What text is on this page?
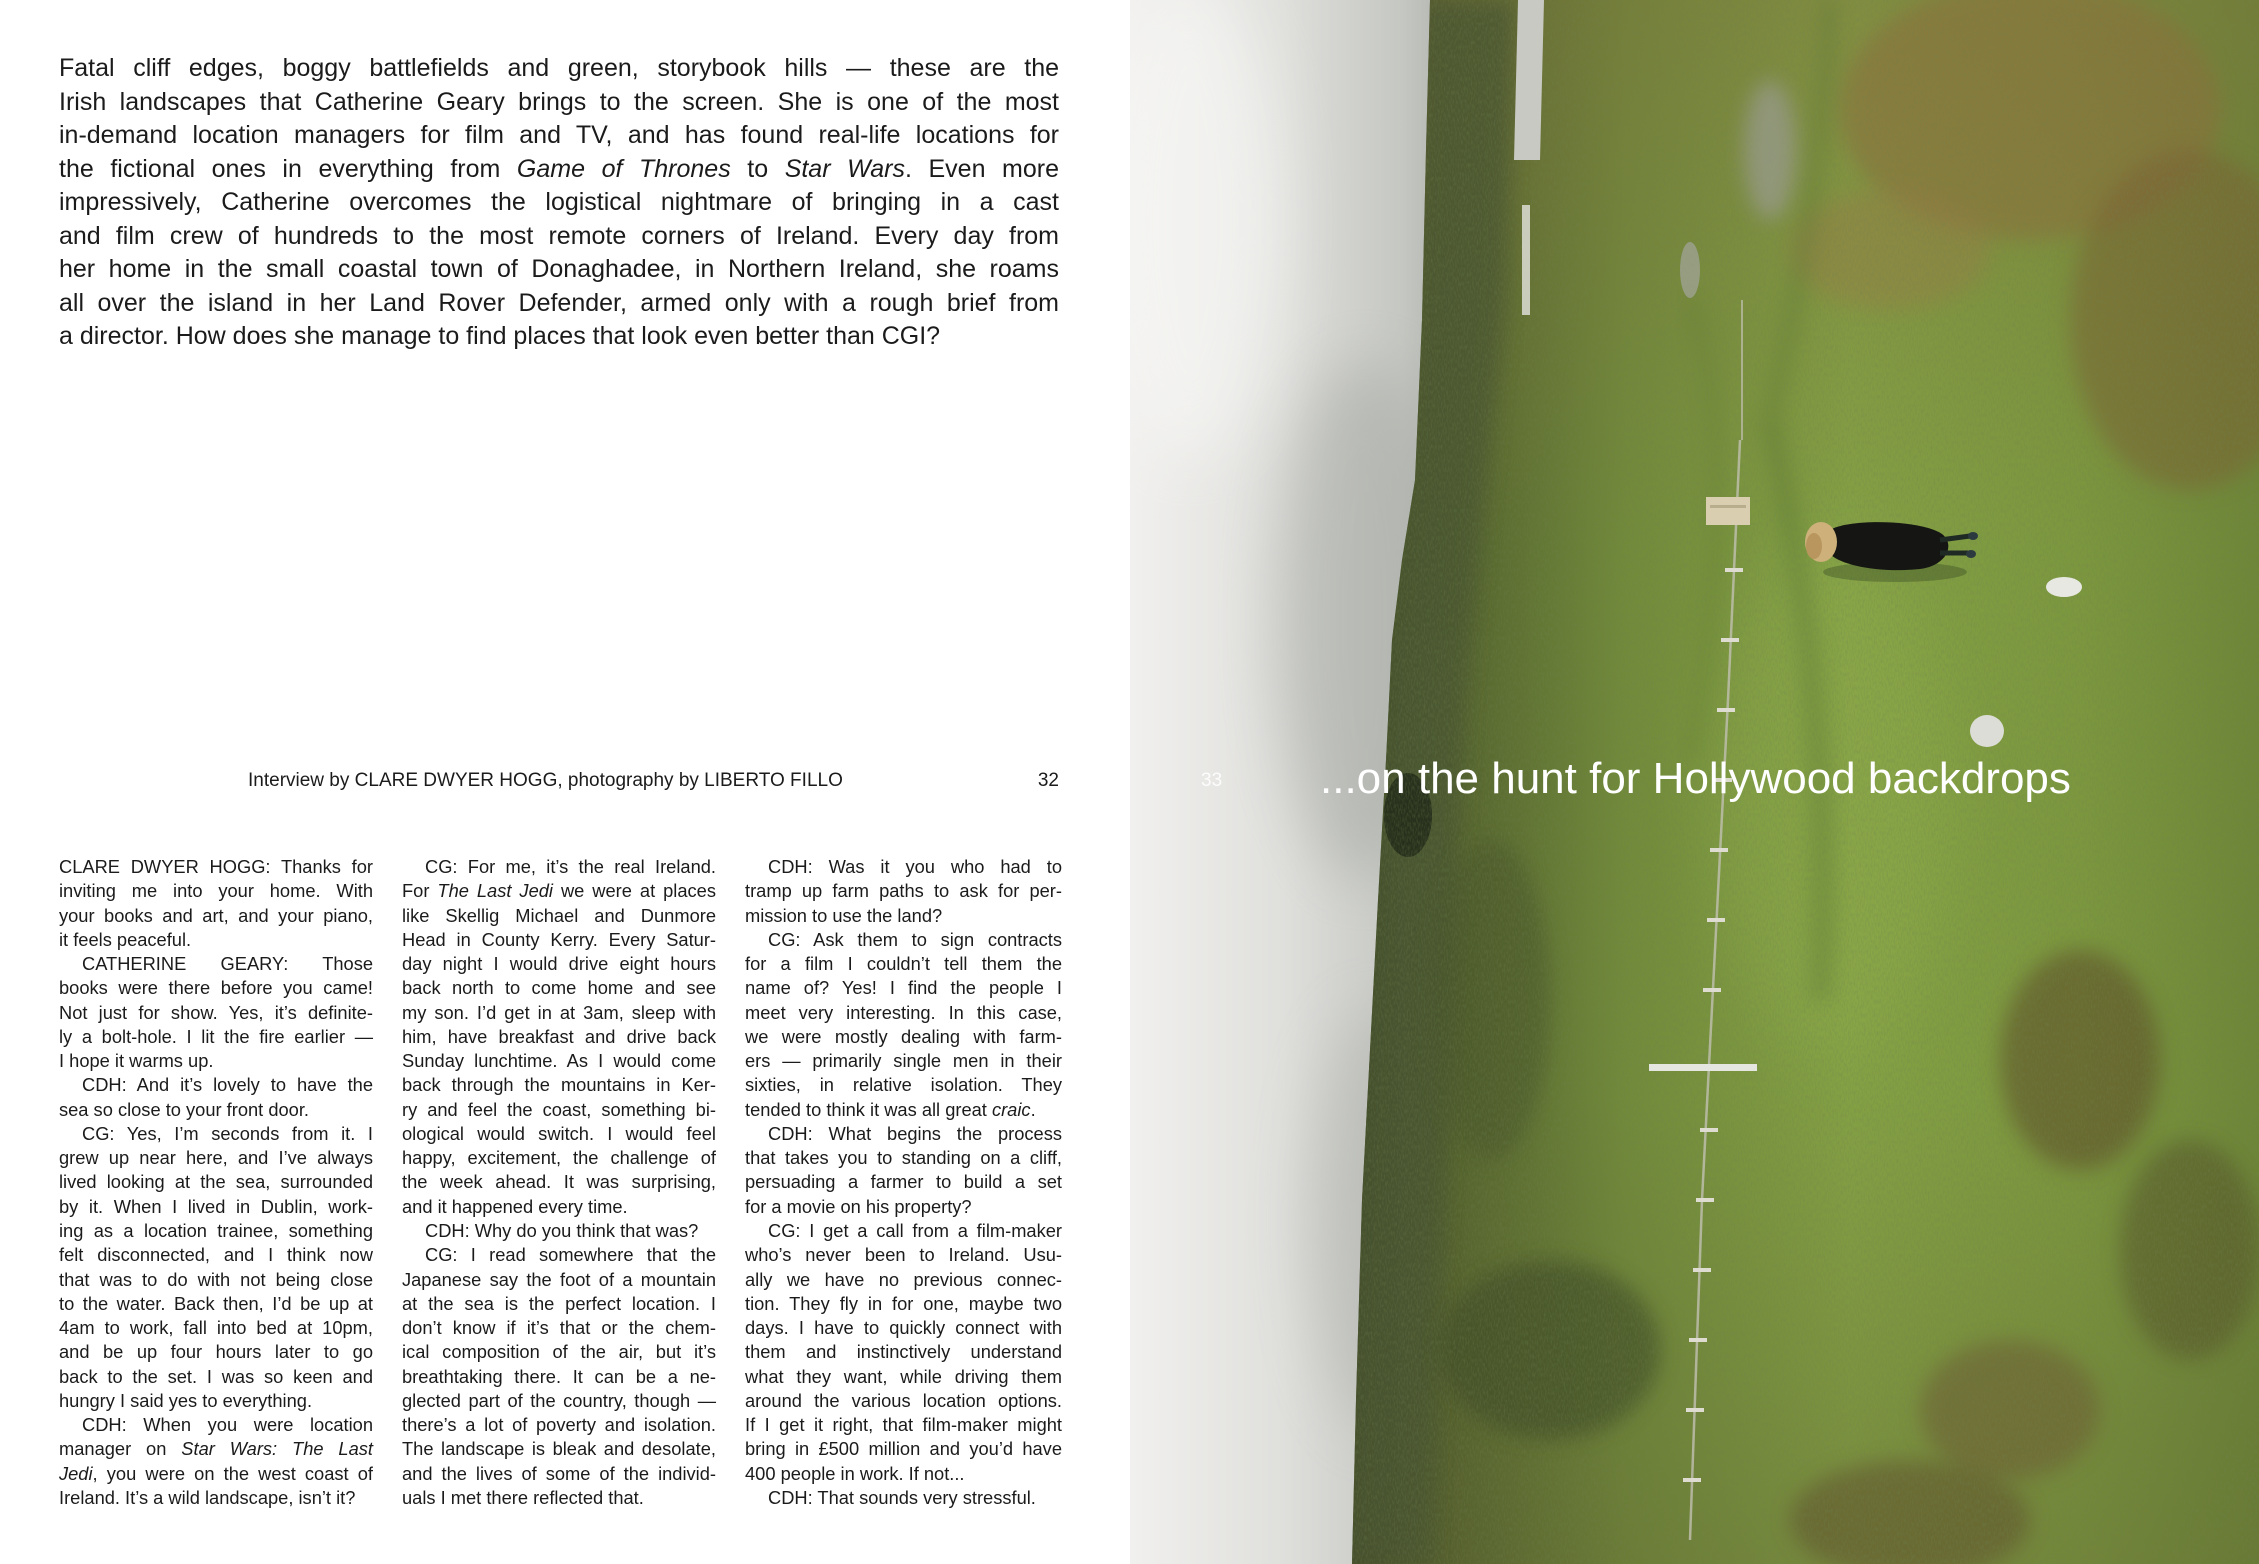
Fatal cliff edges, boggy battlefields and green, storybook hills — these are the
Irish landscapes that Catherine Geary brings to the screen. She is one of the most
in-demand location managers for film and TV, and has found real-life locations for
the fictional ones in everything from Game of Thrones to Star Wars. Even more
impressively, Catherine overcomes the logistical nightmare of bringing in a cast
and film crew of hundreds to the most remote corners of Ireland. Every day from
her home in the small coastal town of Donaghadee, in Northern Ireland, she roams
all over the island in her Land Rover Defender, armed only with a rough brief from
a director. How does she manage to find places that look even better than CGI?
Interview by CLARE DWYER HOGG, photography by LIBERTO FILLO	32
CLARE DWYER HOGG: Thanks for
inviting me into your home. With
your books and art, and your piano,
it feels peaceful.
CATHERINE GEARY: Those
books were there before you came!
Not just for show. Yes, it’s definite-
ly a bolt-hole. I lit the fire earlier —
I hope it warms up.
CDH: And it’s lovely to have the
sea so close to your front door.
CG: Yes, I’m seconds from it. I
grew up near here, and I’ve always
lived looking at the sea, surrounded
by it. When I lived in Dublin, work-
ing as a location trainee, something
felt disconnected, and I think now
that was to do with not being close
to the water. Back then, I’d be up at
4am to work, fall into bed at 10pm,
and be up four hours later to go
back to the set. I was so keen and
hungry I said yes to everything.
CDH: When you were location
manager on Star Wars: The Last
Jedi, you were on the west coast of
Ireland. It’s a wild landscape, isn’t it?
CG: For me, it’s the real Ireland.
For The Last Jedi we were at places
like Skellig Michael and Dunmore
Head in County Kerry. Every Satur-
day night I would drive eight hours
back north to come home and see
my son. I’d get in at 3am, sleep with
him, have breakfast and drive back
Sunday lunchtime. As I would come
back through the mountains in Ker-
ry and feel the coast, something bi-
ological would switch. I would feel
happy, excitement, the challenge of
the week ahead. It was surprising,
and it happened every time.
CDH: Why do you think that was?
CG: I read somewhere that the
Japanese say the foot of a mountain
at the sea is the perfect location. I
don’t know if it’s that or the chem-
ical composition of the air, but it’s
breathtaking there. It can be a ne-
glected part of the country, though —
there’s a lot of poverty and isolation.
The landscape is bleak and desolate,
and the lives of some of the individ-
uals I met there reflected that.
CDH: Was it you who had to
tramp up farm paths to ask for per-
mission to use the land?
CG: Ask them to sign contracts
for a film I couldn’t tell them the
name of? Yes! I find the people I
meet very interesting. In this case,
we were mostly dealing with farm-
ers — primarily single men in their
sixties, in relative isolation. They
tended to think it was all great craic.
CDH: What begins the process
that takes you to standing on a cliff,
persuading a farmer to build a set
for a movie on his property?
CG: I get a call from a film-maker
who’s never been to Ireland. Usu-
ally we have no previous connec-
tion. They fly in for one, maybe two
days. I have to quickly connect with
them and instinctively understand
what they want, while driving them
around the various location options.
If I get it right, that film-maker might
bring in £500 million and you’d have
400 people in work. If not...
CDH: That sounds very stressful.
33 ...on the hunt for Hollywood backdrops
